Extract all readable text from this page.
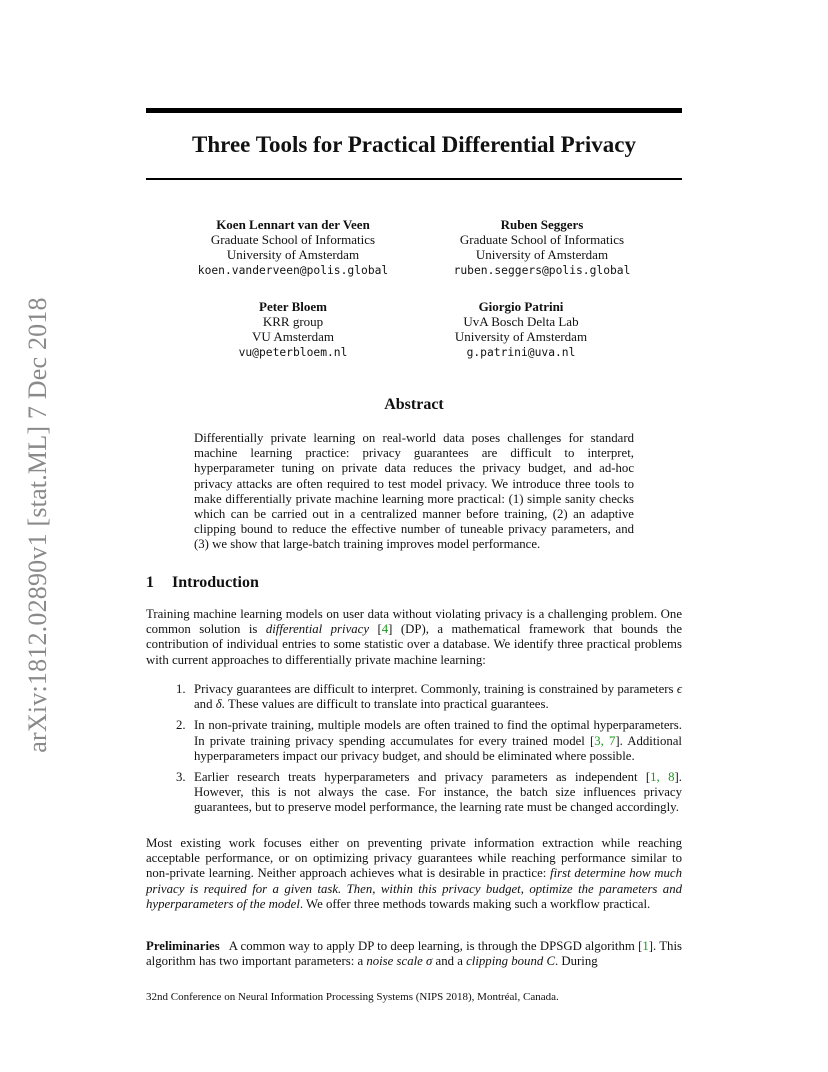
arXiv:1812.02890v1 [stat.ML] 7 Dec 2018
Three Tools for Practical Differential Privacy
Koen Lennart van der Veen
Graduate School of Informatics
University of Amsterdam
koen.vanderveen@polis.global
Ruben Seggers
Graduate School of Informatics
University of Amsterdam
ruben.seggers@polis.global
Peter Bloem
KRR group
VU Amsterdam
vu@peterbloem.nl
Giorgio Patrini
UvA Bosch Delta Lab
University of Amsterdam
g.patrini@uva.nl
Abstract
Differentially private learning on real-world data poses challenges for standard machine learning practice: privacy guarantees are difficult to interpret, hyperparameter tuning on private data reduces the privacy budget, and ad-hoc privacy attacks are often required to test model privacy. We introduce three tools to make differentially private machine learning more practical: (1) simple sanity checks which can be carried out in a centralized manner before training, (2) an adaptive clipping bound to reduce the effective number of tuneable privacy parameters, and (3) we show that large-batch training improves model performance.
1 Introduction
Training machine learning models on user data without violating privacy is a challenging problem. One common solution is differential privacy [ 4 ] (DP), a mathematical framework that bounds the contribution of individual entries to some statistic over a database. We identify three practical problems with current approaches to differentially private machine learning:
1. Privacy guarantees are difficult to interpret. Commonly, training is constrained by parameters ϵ and δ. These values are difficult to translate into practical guarantees.
2. In non-private training, multiple models are often trained to find the optimal hyperparameters. In private training privacy spending accumulates for every trained model [ 3, 7 ] . Additional hyperparameters impact our privacy budget, and should be eliminated where possible.
3. Earlier research treats hyperparameters and privacy parameters as independent [ 1, 8 ] . However, this is not always the case. For instance, the batch size influences privacy guarantees, but to preserve model performance, the learning rate must be changed accordingly.
Most existing work focuses either on preventing private information extraction while reaching acceptable performance, or on optimizing privacy guarantees while reaching performance similar to non-private learning. Neither approach achieves what is desirable in practice: first determine how much privacy is required for a given task. Then, within this privacy budget, optimize the parameters and hyperparameters of the model. We offer three methods towards making such a workflow practical.
Preliminaries   A common way to apply DP to deep learning, is through the DPSGD algorithm [ 1 ] . This algorithm has two important parameters: a noise scale σ and a clipping bound C. During
32nd Conference on Neural Information Processing Systems (NIPS 2018), Montréal, Canada.
